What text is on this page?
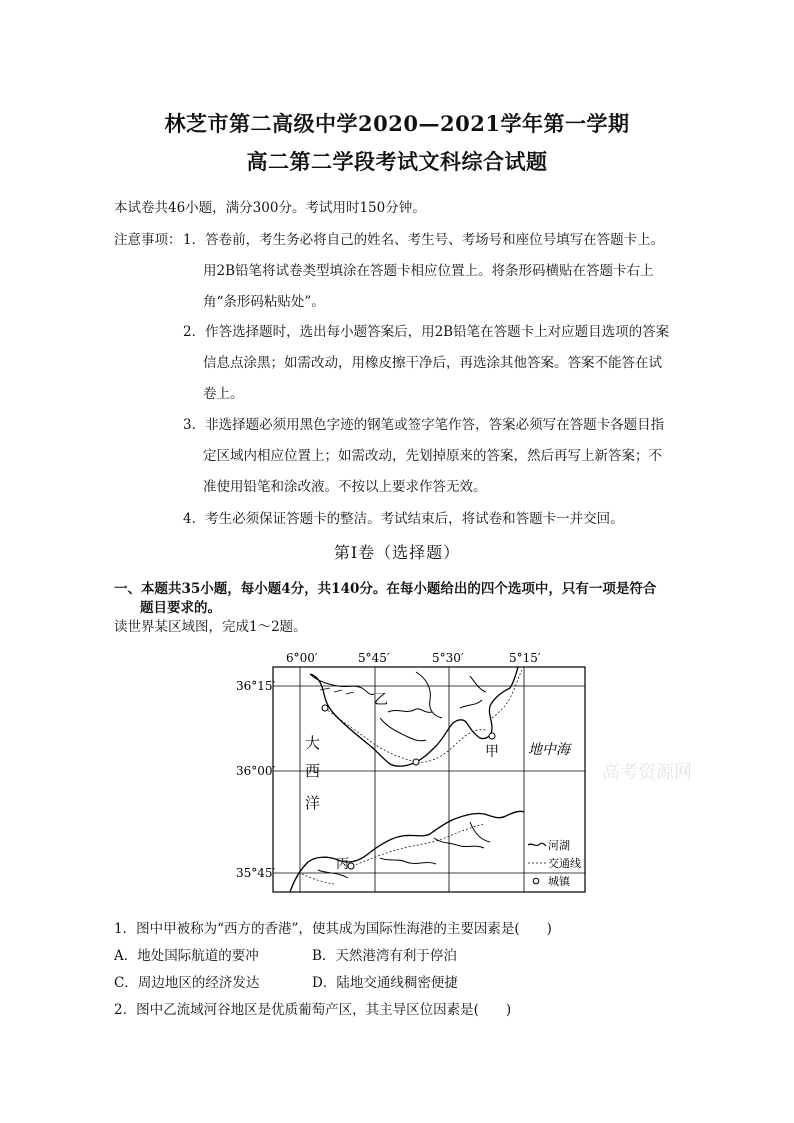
林芝市第二高级中学2020—2021学年第一学期
高二第二学段考试文科综合试题
本试卷共46小题，满分300分。考试用时150分钟。
注意事项： 1．答卷前，考生务必将自己的姓名、考生号、考场号和座位号填写在答题卡上。
用2B铅笔将试卷类型填涂在答题卡相应位置上。将条形码横贴在答题卡右上
角“条形码粘贴处”。
2．作答选择题时，选出每小题答案后，用2B铅笔在答题卡上对应题目选项的答案
信息点涂黑；如需改动，用橡皮擦干净后，再选涂其他答案。答案不能答在试
卷上。
3．非选择题必须用黑色字迹的钢笔或签字笔作答，答案必须写在答题卡各题目指
定区域内相应位置上；如需改动，先划掉原来的答案，然后再写上新答案；不
准使用铅笔和涂改液。不按以上要求作答无效。
4．考生必须保证答题卡的整洁。考试结束后，将试卷和答题卡一并交回。
第Ⅰ卷（选择题）
一、本题共35小题，每小题4分，共140分。在每小题给出的四个选项中，只有一项是符合
题目要求的。
读世界某区域图，完成1～2题。
高考资源网
6°00′	5°45′	5°30′	5°15′
36°15′
36°00′
35°45′
乙
甲
丙
地中海
大
西
洋
河湖
交通线
城镇
1．图中甲被称为“西方的香港”，使其成为国际性海港的主要因素是(　　)
A．地处国际航道的要冲	B．天然港湾有利于停泊
C．周边地区的经济发达	D．陆地交通线稠密便捷
2．图中乙流域河谷地区是优质葡萄产区，其主导区位因素是(　　)
